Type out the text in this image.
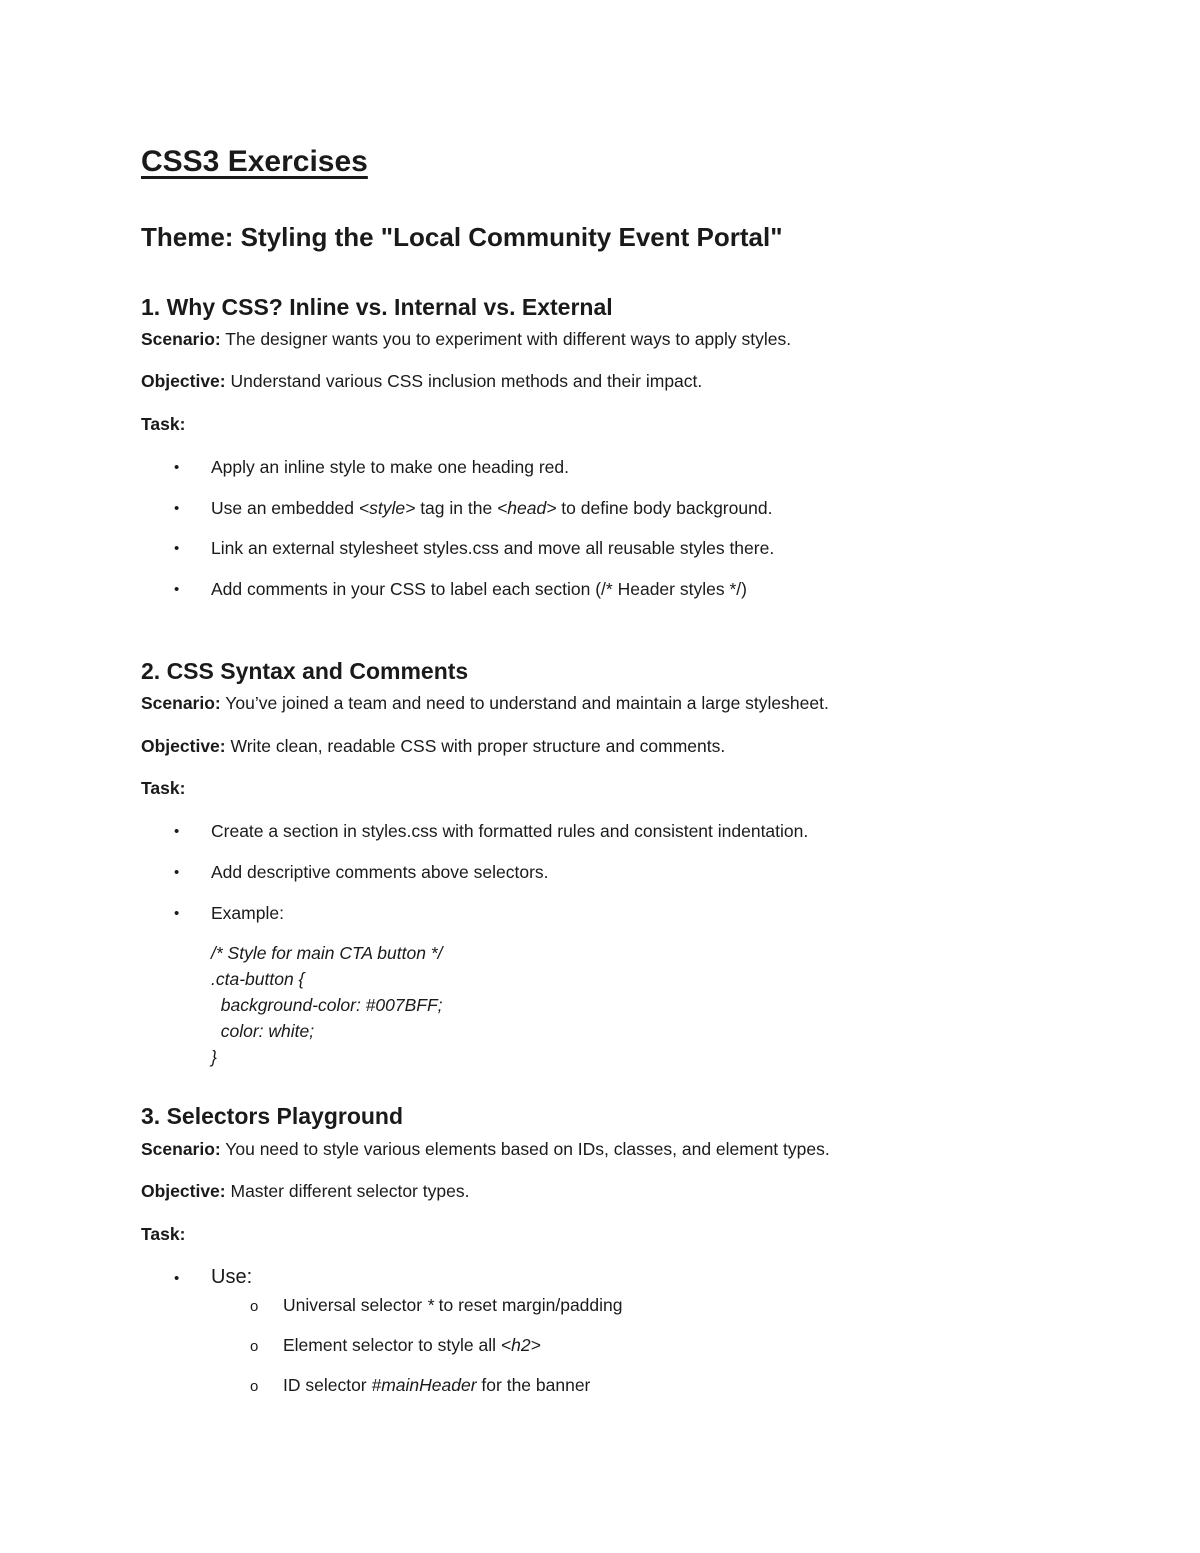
CSS3 Exercises
Theme: Styling the "Local Community Event Portal"
1. Why CSS? Inline vs. Internal vs. External
Scenario: The designer wants you to experiment with different ways to apply styles.
Objective: Understand various CSS inclusion methods and their impact.
Task:
• Apply an inline style to make one heading red.
• Use an embedded <style> tag in the <head> to define body background.
• Link an external stylesheet styles.css and move all reusable styles there.
• Add comments in your CSS to label each section (/* Header styles */)
2. CSS Syntax and Comments
Scenario: You’ve joined a team and need to understand and maintain a large stylesheet.
Objective: Write clean, readable CSS with proper structure and comments.
Task:
• Create a section in styles.css with formatted rules and consistent indentation.
• Add descriptive comments above selectors.
• Example:
/* Style for main CTA button */
.cta-button {
background-color: #007BFF;
color: white;
}
3. Selectors Playground
Scenario: You need to style various elements based on IDs, classes, and element types.
Objective: Master different selector types.
Task:
• Use:
o Universal selector * to reset margin/padding
o Element selector to style all <h2>
o ID selector #mainHeader for the banner
